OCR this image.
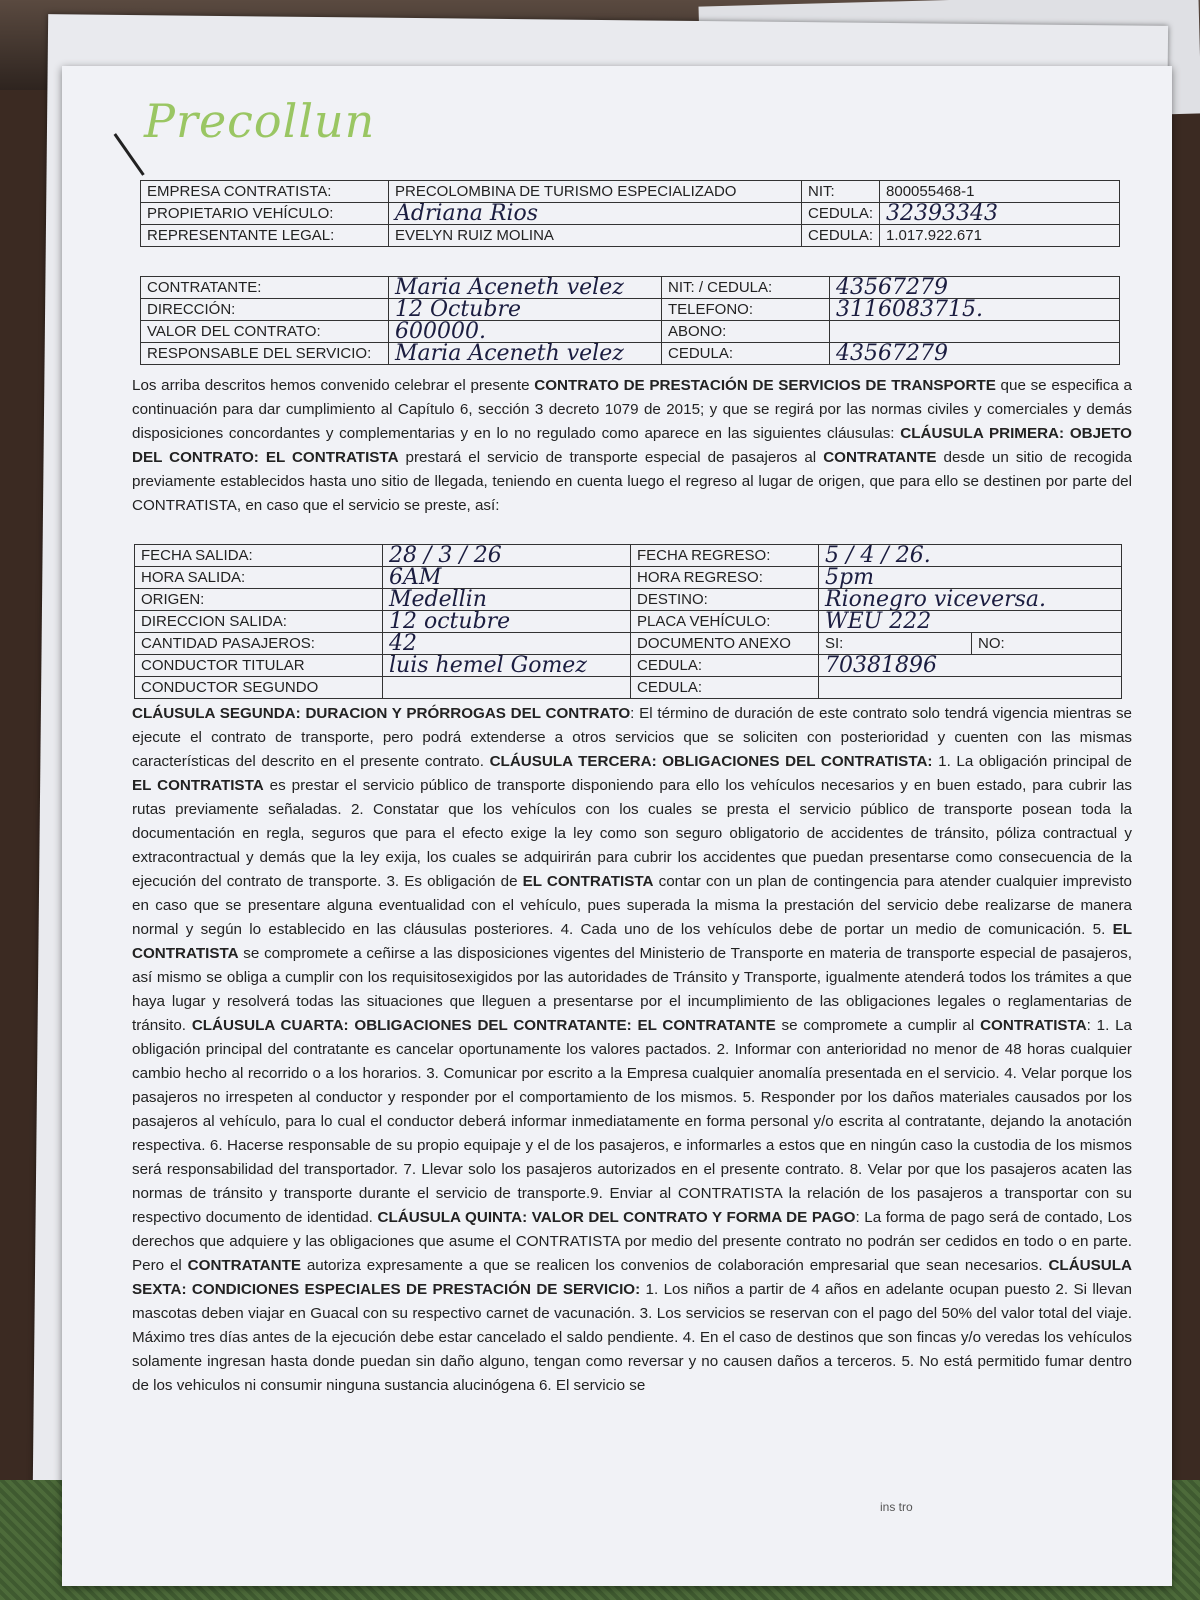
Precollun
EMPRESA CONTRATISTA:	PRECOLOMBINA DE TURISMO ESPECIALIZADO	NIT:	800055468-1
PROPIETARIO VEHÍCULO:	Adriana Rios	CEDULA:	32393343
REPRESENTANTE LEGAL:	EVELYN RUIZ MOLINA	CEDULA:	1.017.922.671
CONTRATANTE:	Maria Aceneth velez	NIT: / CEDULA:	43567279
DIRECCIÓN:	12 Octubre	TELEFONO:	3116083715.
VALOR DEL CONTRATO:	600000.	ABONO:	
RESPONSABLE DEL SERVICIO:	Maria Aceneth velez	CEDULA:	43567279

Los arriba descritos hemos convenido celebrar el presente CONTRATO DE PRESTACIÓN DE SERVICIOS DE TRANSPORTE que se especifica a continuación para dar cumplimiento al Capítulo 6, sección 3 decreto 1079 de 2015; y que se regirá por las normas civiles y comerciales y demás disposiciones concordantes y complementarias y en lo no regulado como aparece en las siguientes cláusulas: CLÁUSULA PRIMERA: OBJETO DEL CONTRATO: EL CONTRATISTA prestará el servicio de transporte especial de pasajeros al CONTRATANTE desde un sitio de recogida previamente establecidos hasta uno sitio de llegada, teniendo en cuenta luego el regreso al lugar de origen, que para ello se destinen por parte del CONTRATISTA, en caso que el servicio se preste, así:

FECHA SALIDA:	28 / 3 / 26	FECHA REGRESO:	5 / 4 / 26.	
HORA SALIDA:	6AM	HORA REGRESO:	5pm	
ORIGEN:	Medellin	DESTINO:	Rionegro viceversa.	
DIRECCION SALIDA:	12 octubre	PLACA VEHÍCULO:	WEU 222	
CANTIDAD PASAJEROS:	42	DOCUMENTO ANEXO	SI:	NO:
CONDUCTOR TITULAR	luis hemel Gomez	CEDULA:	70381896	
CONDUCTOR SEGUNDO		CEDULA:		

CLÁUSULA SEGUNDA: DURACION Y PRÓRROGAS DEL CONTRATO: El término de duración de este contrato solo tendrá vigencia mientras se ejecute el contrato de transporte, pero podrá extenderse a otros servicios que se soliciten con posterioridad y cuenten con las mismas características del descrito en el presente contrato. CLÁUSULA TERCERA: OBLIGACIONES DEL CONTRATISTA: 1. La obligación principal de EL CONTRATISTA es prestar el servicio público de transporte disponiendo para ello los vehículos necesarios y en buen estado, para cubrir las rutas previamente señaladas. 2. Constatar que los vehículos con los cuales se presta el servicio público de transporte posean toda la documentación en regla, seguros que para el efecto exige la ley como son seguro obligatorio de accidentes de tránsito, póliza contractual y extracontractual y demás que la ley exija, los cuales se adquirirán para cubrir los accidentes que puedan presentarse como consecuencia de la ejecución del contrato de transporte. 3. Es obligación de EL CONTRATISTA contar con un plan de contingencia para atender cualquier imprevisto en caso que se presentare alguna eventualidad con el vehículo, pues superada la misma la prestación del servicio debe realizarse de manera normal y según lo establecido en las cláusulas posteriores. 4. Cada uno de los vehículos debe de portar un medio de comunicación. 5. EL CONTRATISTA se compromete a ceñirse a las disposiciones vigentes del Ministerio de Transporte en materia de transporte especial de pasajeros, así mismo se obliga a cumplir con los requisitosexigidos por las autoridades de Tránsito y Transporte, igualmente atenderá todos los trámites a que haya lugar y resolverá todas las situaciones que lleguen a presentarse por el incumplimiento de las obligaciones legales o reglamentarias de tránsito. CLÁUSULA CUARTA: OBLIGACIONES DEL CONTRATANTE: EL CONTRATANTE se compromete a cumplir al CONTRATISTA: 1. La obligación principal del contratante es cancelar oportunamente los valores pactados. 2. Informar con anterioridad no menor de 48 horas cualquier cambio hecho al recorrido o a los horarios. 3. Comunicar por escrito a la Empresa cualquier anomalía presentada en el servicio. 4. Velar porque los pasajeros no irrespeten al conductor y responder por el comportamiento de los mismos. 5. Responder por los daños materiales causados por los pasajeros al vehículo, para lo cual el conductor deberá informar inmediatamente en forma personal y/o escrita al contratante, dejando la anotación respectiva. 6. Hacerse responsable de su propio equipaje y el de los pasajeros, e informarles a estos que en ningún caso la custodia de los mismos será responsabilidad del transportador. 7. Llevar solo los pasajeros autorizados en el presente contrato. 8. Velar por que los pasajeros acaten las normas de tránsito y transporte durante el servicio de transporte.9. Enviar al CONTRATISTA la relación de los pasajeros a transportar con su respectivo documento de identidad. CLÁUSULA QUINTA: VALOR DEL CONTRATO Y FORMA DE PAGO: La forma de pago será de contado, Los derechos que adquiere y las obligaciones que asume el CONTRATISTA por medio del presente contrato no podrán ser cedidos en todo o en parte. Pero el CONTRATANTE autoriza expresamente a que se realicen los convenios de colaboración empresarial que sean necesarios. CLÁUSULA SEXTA: CONDICIONES ESPECIALES DE PRESTACIÓN DE SERVICIO: 1. Los niños a partir de 4 años en adelante ocupan puesto 2. Si llevan mascotas deben viajar en Guacal con su respectivo carnet de vacunación. 3. Los servicios se reservan con el pago del 50% del valor total del viaje. Máximo tres días antes de la ejecución debe estar cancelado el saldo pendiente. 4. En el caso de destinos que son fincas y/o veredas los vehículos solamente ingresan hasta donde puedan sin daño alguno, tengan como reversar y no causen daños a terceros. 5. No está permitido fumar dentro de los vehiculos ni consumir ninguna sustancia alucinógena 6. El servicio se

ins tro
